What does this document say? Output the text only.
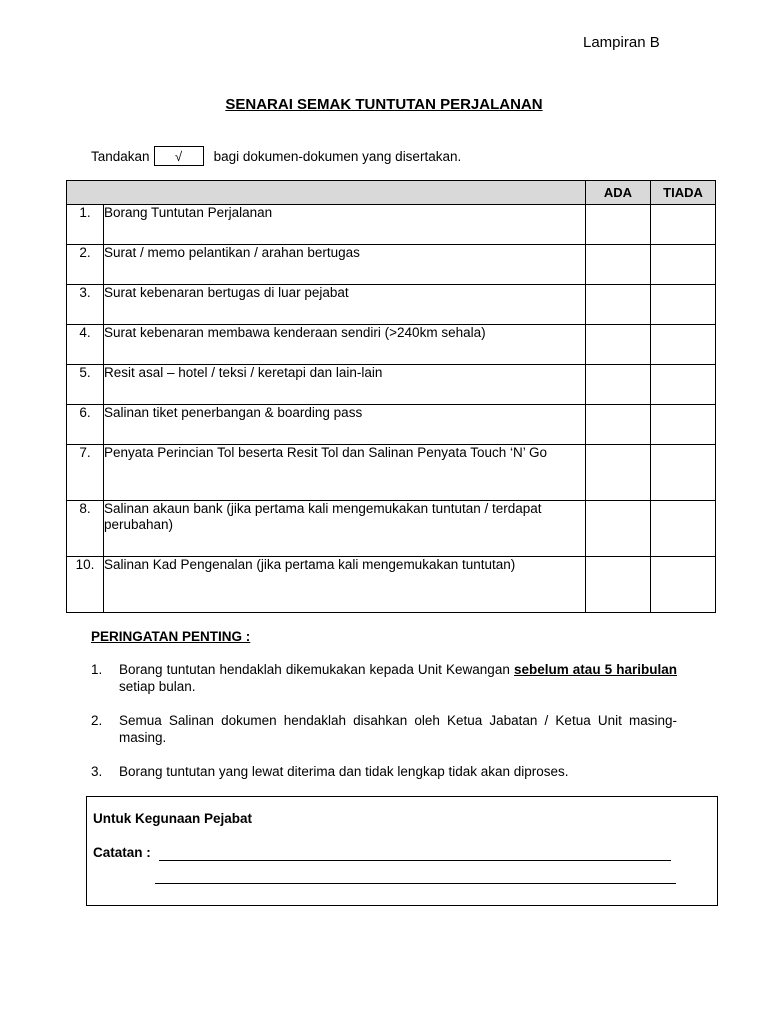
Lampiran B
SENARAI SEMAK TUNTUTAN PERJALANAN
Tandakan	√	bagi dokumen-dokumen yang disertakan.
		ADA	TIADA
1.	Borang Tuntutan Perjalanan		
2.	Surat / memo pelantikan / arahan bertugas		
3.	Surat kebenaran bertugas di luar pejabat		
4.	Surat kebenaran membawa kenderaan sendiri (>240km sehala)		
5.	Resit asal – hotel / teksi / keretapi dan lain-lain		
6.	Salinan tiket penerbangan & boarding pass		
7.	Penyata Perincian Tol beserta Resit Tol dan Salinan Penyata Touch ‘N’ Go		
8.	Salinan akaun bank (jika pertama kali mengemukakan tuntutan / terdapat perubahan)		
10.	Salinan Kad Pengenalan (jika pertama kali mengemukakan tuntutan)		
PERINGATAN PENTING :
1.	Borang tuntutan hendaklah dikemukakan kepada Unit Kewangan sebelum atau 5 haribulan setiap bulan.
2.	Semua Salinan dokumen hendaklah disahkan oleh Ketua Jabatan / Ketua Unit masing-masing.
3.	Borang tuntutan yang lewat diterima dan tidak lengkap tidak akan diproses.
Untuk Kegunaan Pejabat
Catatan :
